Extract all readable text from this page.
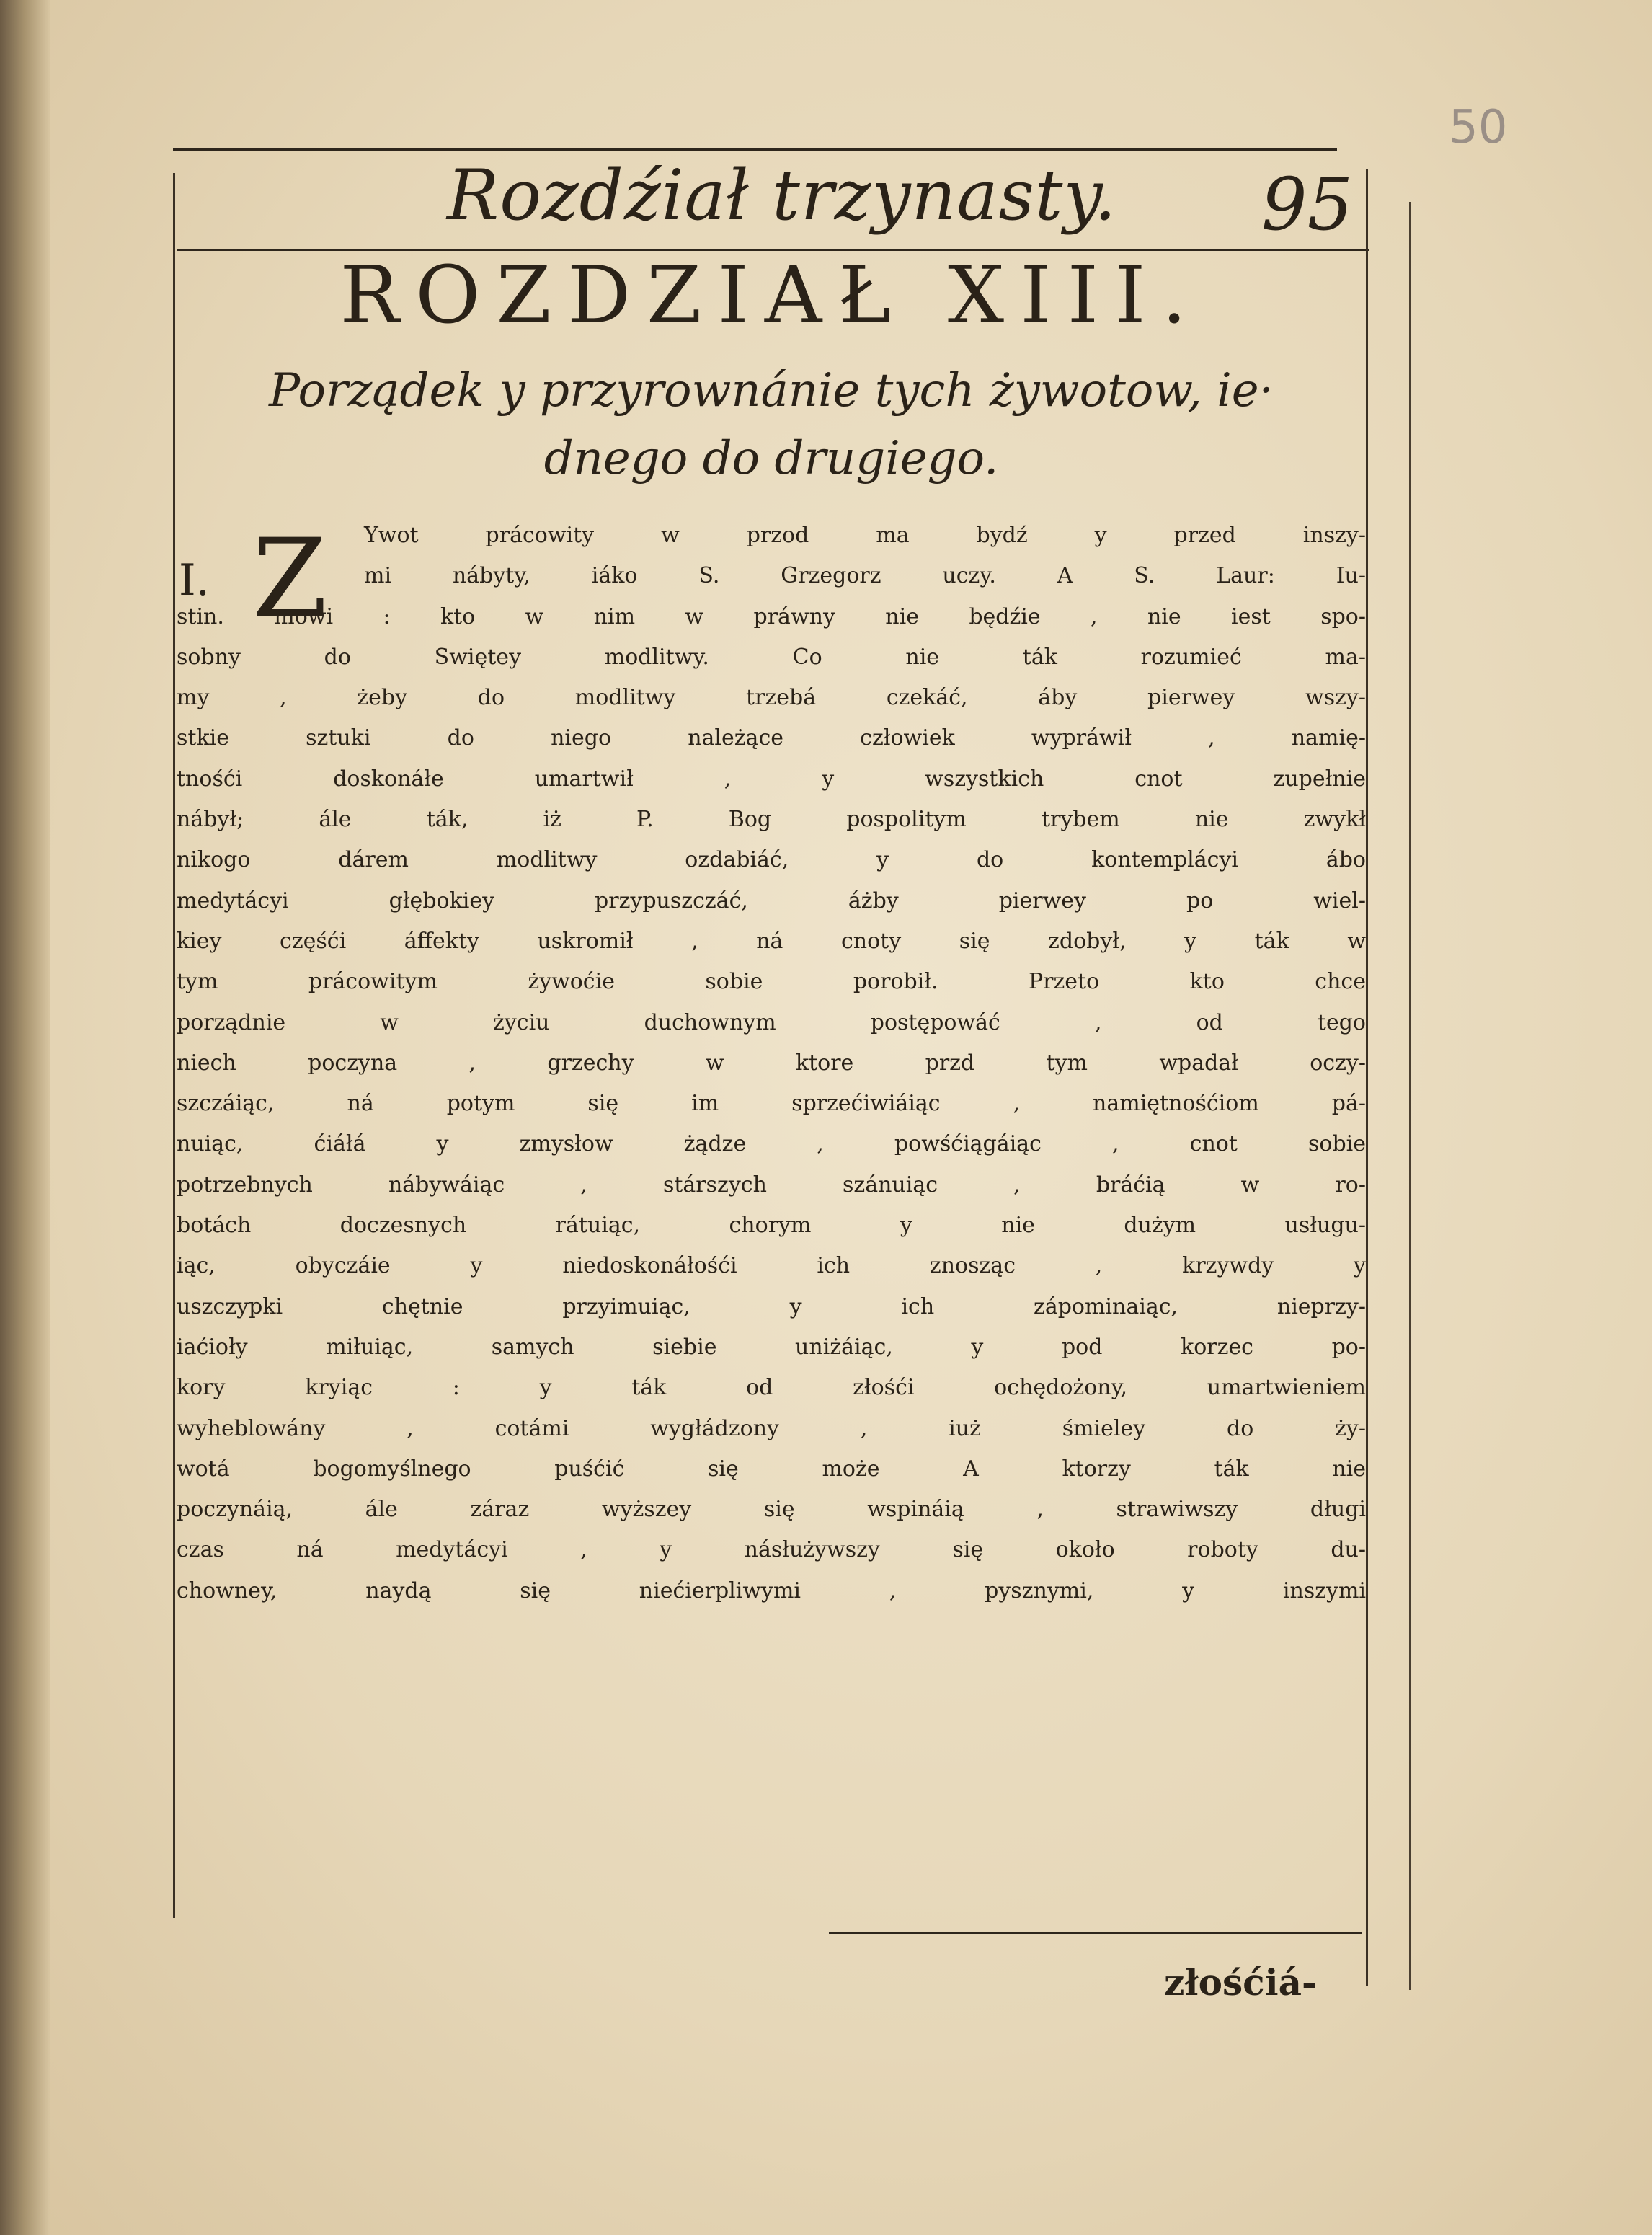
50
Rozdźiał trzynasty. 95
ROZDZIAŁ XIII.
Porządek y przyrownánie tych żywotow, ie·
dnego do drugiego.
I. Z Ywot prácowity w przod ma bydź y przed inszy-
mi nábyty, iáko S. Grzegorz uczy. A S. Laur: Iu-
stin. mowi : kto w nim w práwny nie będźie , nie iest spo-
sobny do Swiętey modlitwy. Co nie ták rozumieć ma-
my , żeby do modlitwy trzebá czekáć, áby pierwey wszy-
stkie sztuki do niego należące człowiek wypráwił , namię-
tnośći doskonáłe umartwił , y wszystkich cnot zupełnie
nábył; ále ták, iż P. Bog pospolitym trybem nie zwykł
nikogo dárem modlitwy ozdabiáć, y do kontemplácyi ábo
medytácyi głębokiey przypuszczáć, áżby pierwey po wiel-
kiey częśći áffekty uskromił , ná cnoty się zdobył, y ták w
tym prácowitym żywoćie sobie porobił. Przeto kto chce
porządnie w życiu duchownym postępowáć , od tego
niech poczyna , grzechy w ktore przd tym wpadał oczy-
szczáiąc, ná potym się im sprzećiwiáiąc , namiętnośćiom pá-
nuiąc, ćiáłá y zmysłow żądze , powśćiągáiąc , cnot sobie
potrzebnych nábywáiąc , stárszych szánuiąc , bráćią w ro-
botách doczesnych rátuiąc, chorym y nie dużym usługu-
iąc, obyczáie y niedoskonáłośći ich znosząc , krzywdy y
uszczypki chętnie przyimuiąc, y ich zápominaiąc, nieprzy-
iaćioły miłuiąc, samych siebie uniżáiąc, y pod korzec po-
kory kryiąc : y ták od złośći ochędożony, umartwieniem
wyheblowány , cotámi wygłádzony , iuż śmieley do ży-
wotá bogomyślnego puśćić się może A ktorzy ták nie
poczynáią, ále záraz wyższey się wspináią , strawiwszy długi
czas ná medytácyi , y násłużywszy się około roboty du-
chowney, naydą się niećierpliwymi , pysznymi, y inszymi
złośćiá-
